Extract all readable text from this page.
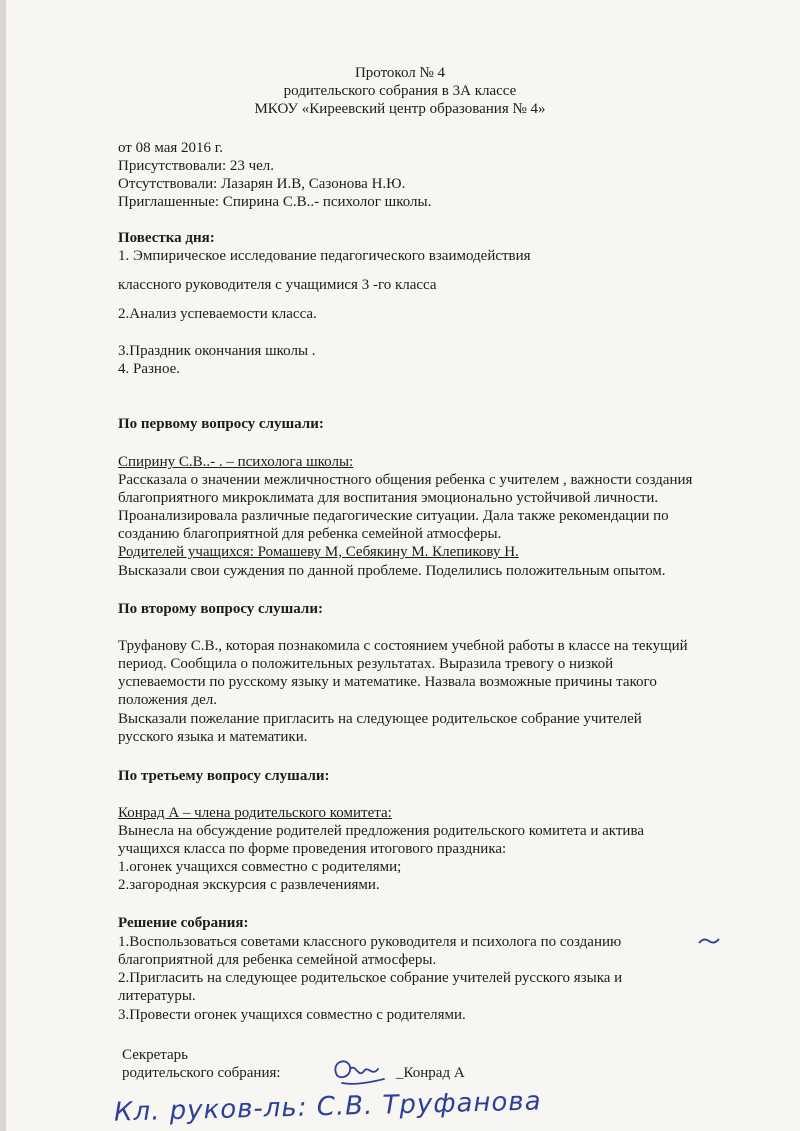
Протокол № 4
родительского собрания в 3А классе
МКОУ «Киреевский центр образования № 4»
от 08 мая 2016 г.
Присутствовали: 23 чел.
Отсутствовали: Лазарян И.В, Сазонова Н.Ю.
Приглашенные: Спирина С.В..- психолог школы.
Повестка дня:
1. Эмпирическое исследование педагогического взаимодействия
классного руководителя с учащимися 3 -го класса
2.Анализ успеваемости класса.
3.Праздник окончания школы .
4. Разное.
По первому вопросу слушали:
Спирину С.В..- . – психолога школы:
Рассказала о значении межличностного общения ребенка с учителем , важности создания
благоприятного микроклимата для воспитания эмоционально устойчивой личности.
Проанализировала различные педагогические ситуации. Дала также рекомендации по
созданию благоприятной для ребенка семейной атмосферы.
Родителей учащихся: Ромашеву М, Себякину М. Клепикову Н.
Высказали свои суждения по данной проблеме. Поделились положительным опытом.
По второму вопросу слушали:
Труфанову С.В., которая познакомила с состоянием учебной работы в классе на текущий
период. Сообщила о положительных результатах. Выразила тревогу о низкой
успеваемости по русскому языку и математике. Назвала возможные причины такого
положения дел.
Высказали пожелание пригласить на следующее родительское собрание учителей
русского языка и математики.
По третьему вопросу слушали:
Конрад А – члена родительского комитета:
Вынесла на обсуждение родителей предложения родительского комитета и актива
учащихся класса по форме проведения итогового праздника:
1.огонек учащихся совместно с родителями;
2.загородная экскурсия с развлечениями.
Решение собрания:
1.Воспользоваться советами классного руководителя и психолога по созданию
благоприятной для ребенка семейной атмосферы.
2.Пригласить на следующее родительское собрание учителей русского языка и
литературы.
3.Провести огонек учащихся совместно с родителями.
Секретарь
родительского собрания:	_Конрад А
Кл. руков-ль: С.В. Труфанова
